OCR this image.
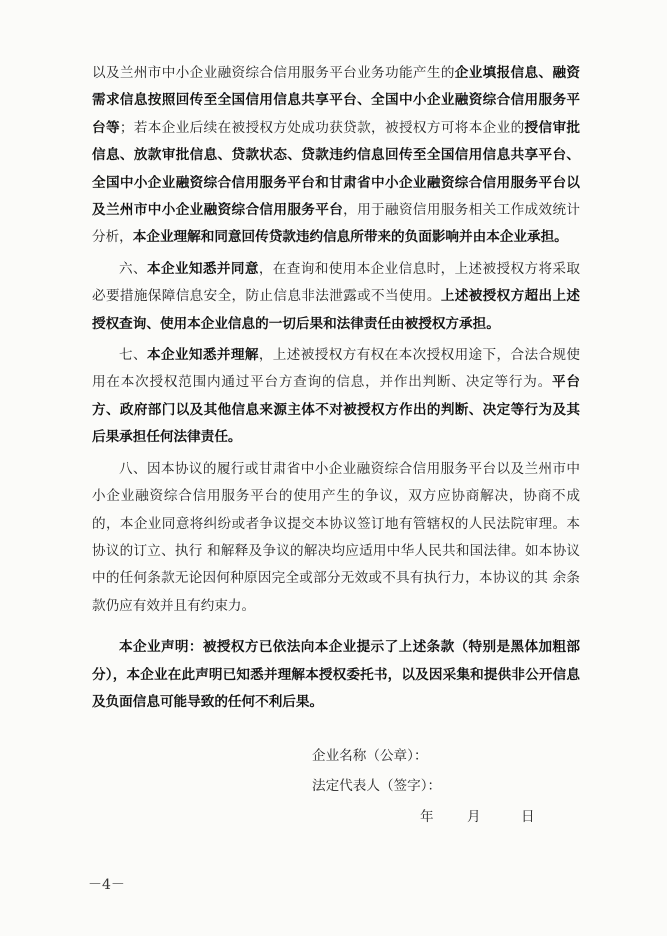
以及兰州市中小企业融资综合信用服务平台业务功能产生的企业填报信息、融资需求信息按照回传至全国信用信息共享平台、全国中小企业融资综合信用服务平台等；若本企业后续在被授权方处成功获贷款，被授权方可将本企业的授信审批信息、放款审批信息、贷款状态、贷款违约信息回传至全国信用信息共享平台、全国中小企业融资综合信用服务平台和甘肃省中小企业融资综合信用服务平台以及兰州市中小企业融资综合信用服务平台，用于融资信用服务相关工作成效统计分析，本企业理解和同意回传贷款违约信息所带来的负面影响并由本企业承担。

六、本企业知悉并同意，在查询和使用本企业信息时，上述被授权方将采取必要措施保障信息安全，防止信息非法泄露或不当使用。上述被授权方超出上述授权查询、使用本企业信息的一切后果和法律责任由被授权方承担。

七、本企业知悉并理解，上述被授权方有权在本次授权用途下，合法合规使用在本次授权范围内通过平台方查询的信息，并作出判断、决定等行为。平台方、政府部门以及其他信息来源主体不对被授权方作出的判断、决定等行为及其后果承担任何法律责任。

八、因本协议的履行或甘肃省中小企业融资综合信用服务平台以及兰州市中小企业融资综合信用服务平台的使用产生的争议，双方应协商解决，协商不成的，本企业同意将纠纷或者争议提交本协议签订地有管辖权的人民法院审理。本协议的订立、执行 和解释及争议的解决均应适用中华人民共和国法律。如本协议中的任何条款无论因何种原因完全或部分无效或不具有执行力，本协议的其 余条款仍应有效并且有约束力。

本企业声明：被授权方已依法向本企业提示了上述条款（特别是黑体加粗部分），本企业在此声明已知悉并理解本授权委托书，以及因采集和提供非公开信息及负面信息可能导致的任何不利后果。

企业名称（公章）：
法定代表人（签字）：
年 月	日
－4－
